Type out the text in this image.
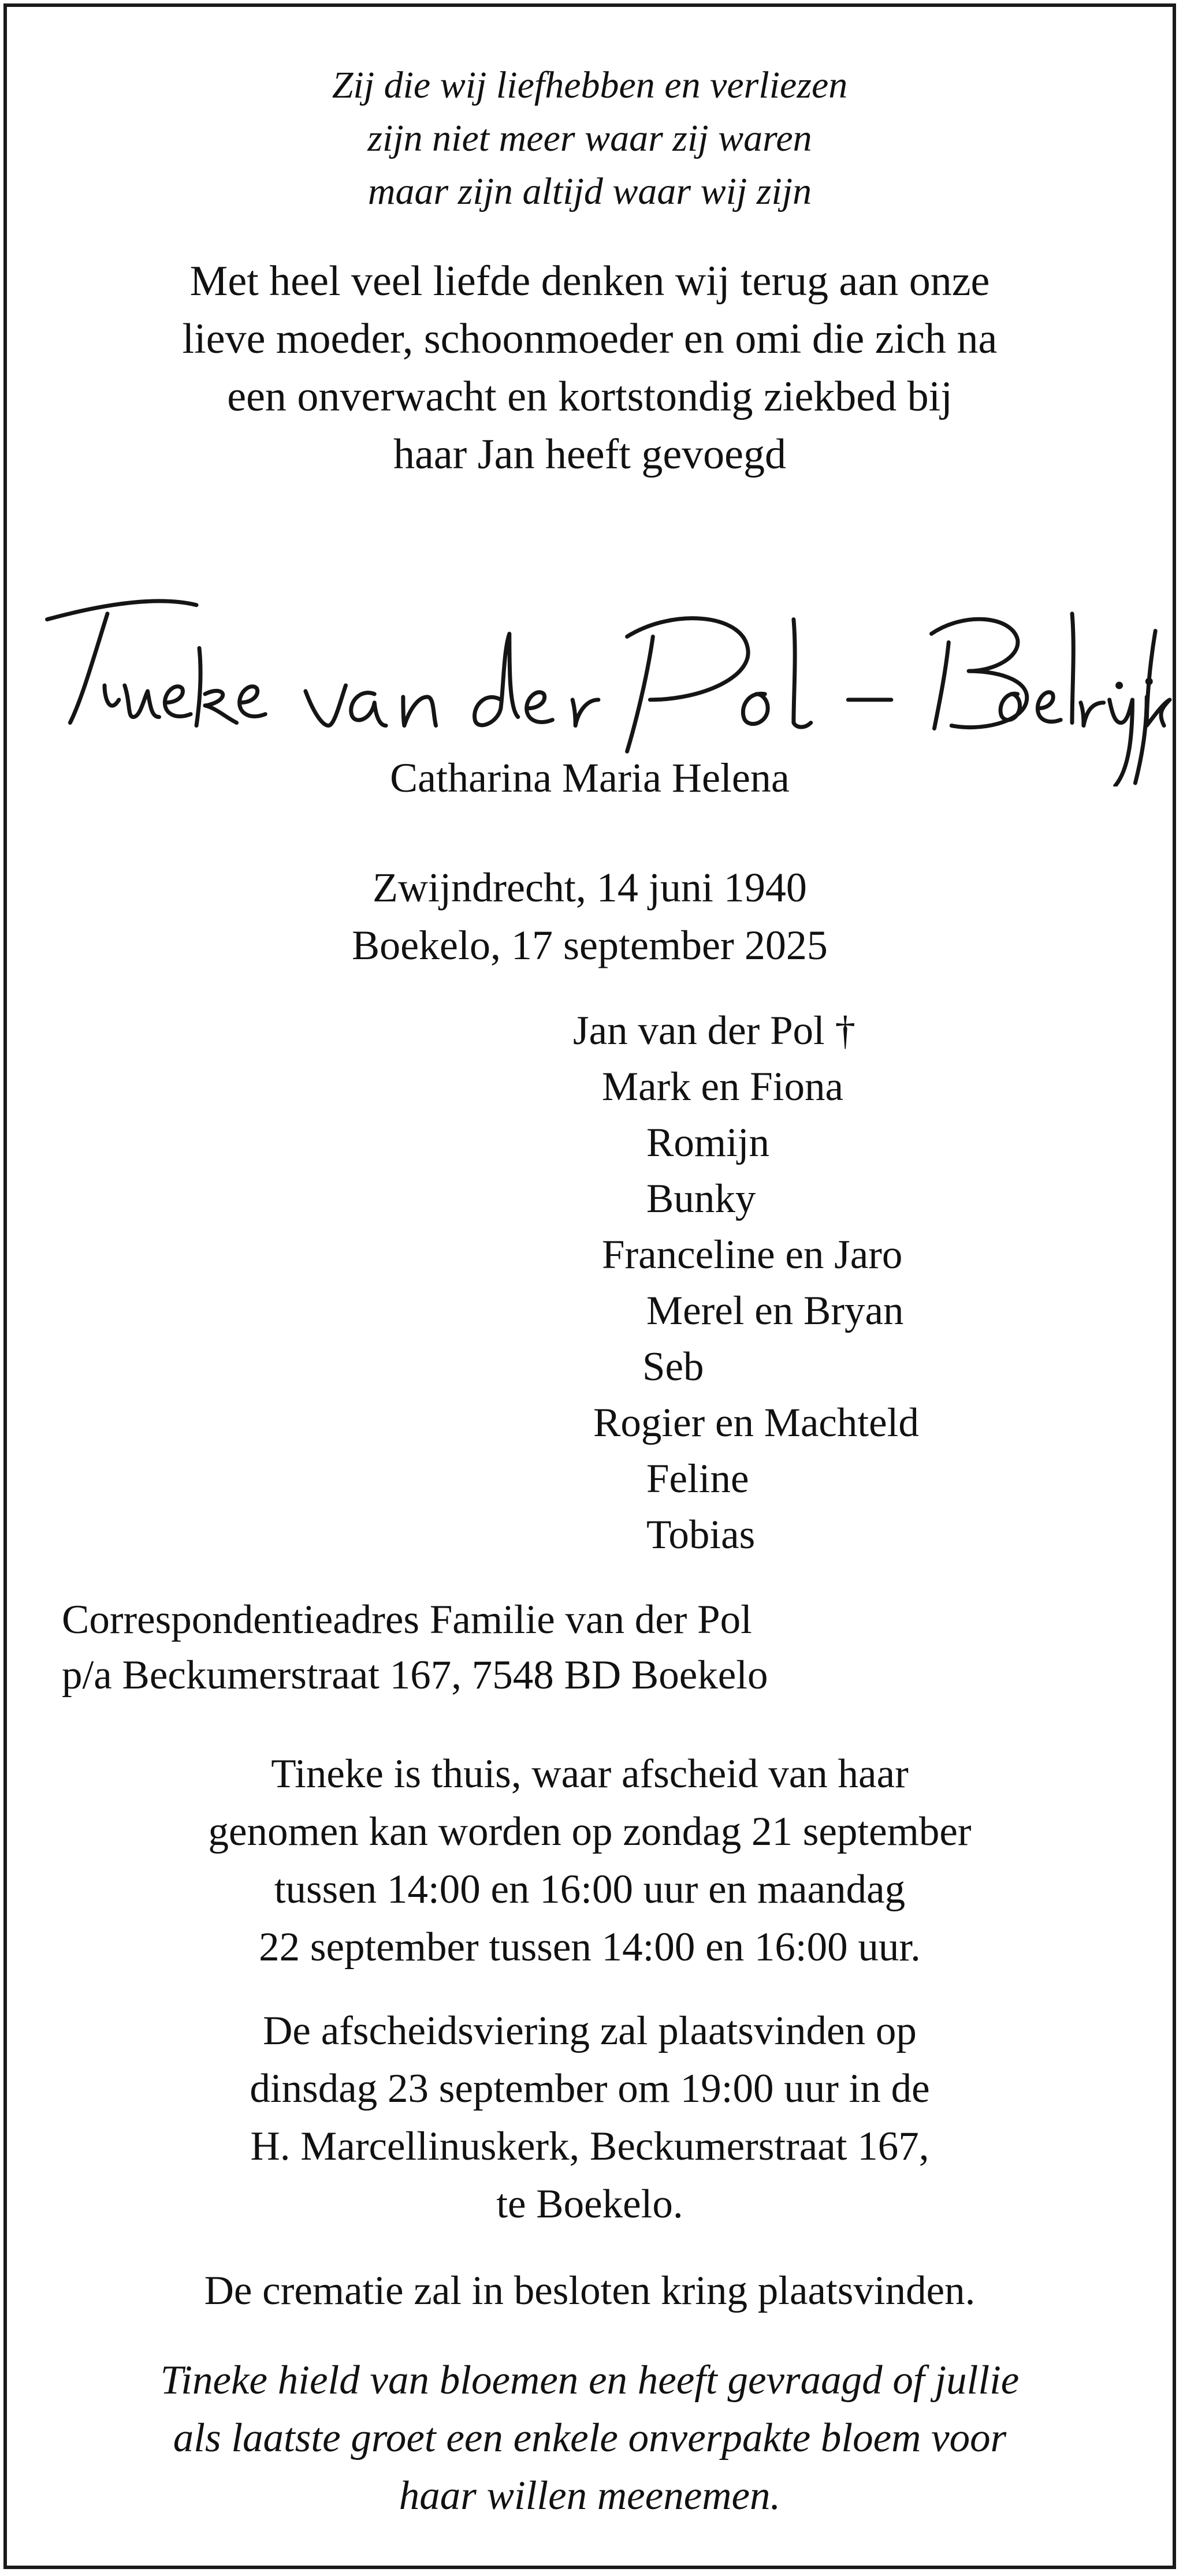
Zij die wij liefhebben en verliezen
zijn niet meer waar zij waren
maar zijn altijd waar wij zijn
Met heel veel liefde denken wij terug aan onze
lieve moeder, schoonmoeder en omi die zich na
een onverwacht en kortstondig ziekbed bij
haar Jan heeft gevoegd
Catharina Maria Helena
Zwijndrecht, 14 juni 1940
Boekelo, 17 september 2025
Jan van der Pol †
Mark en Fiona
Romijn
Bunky
Franceline en Jaro
Merel en Bryan
Seb
Rogier en Machteld
Feline
Tobias
Correspondentieadres Familie van der Pol
p/a Beckumerstraat 167, 7548 BD Boekelo
Tineke is thuis, waar afscheid van haar
genomen kan worden op zondag 21 september
tussen 14:00 en 16:00 uur en maandag
22 september tussen 14:00 en 16:00 uur.
De afscheidsviering zal plaatsvinden op
dinsdag 23 september om 19:00 uur in de
H. Marcellinuskerk, Beckumerstraat 167,
te Boekelo.
De crematie zal in besloten kring plaatsvinden.
Tineke hield van bloemen en heeft gevraagd of jullie
als laatste groet een enkele onverpakte bloem voor
haar willen meenemen.
